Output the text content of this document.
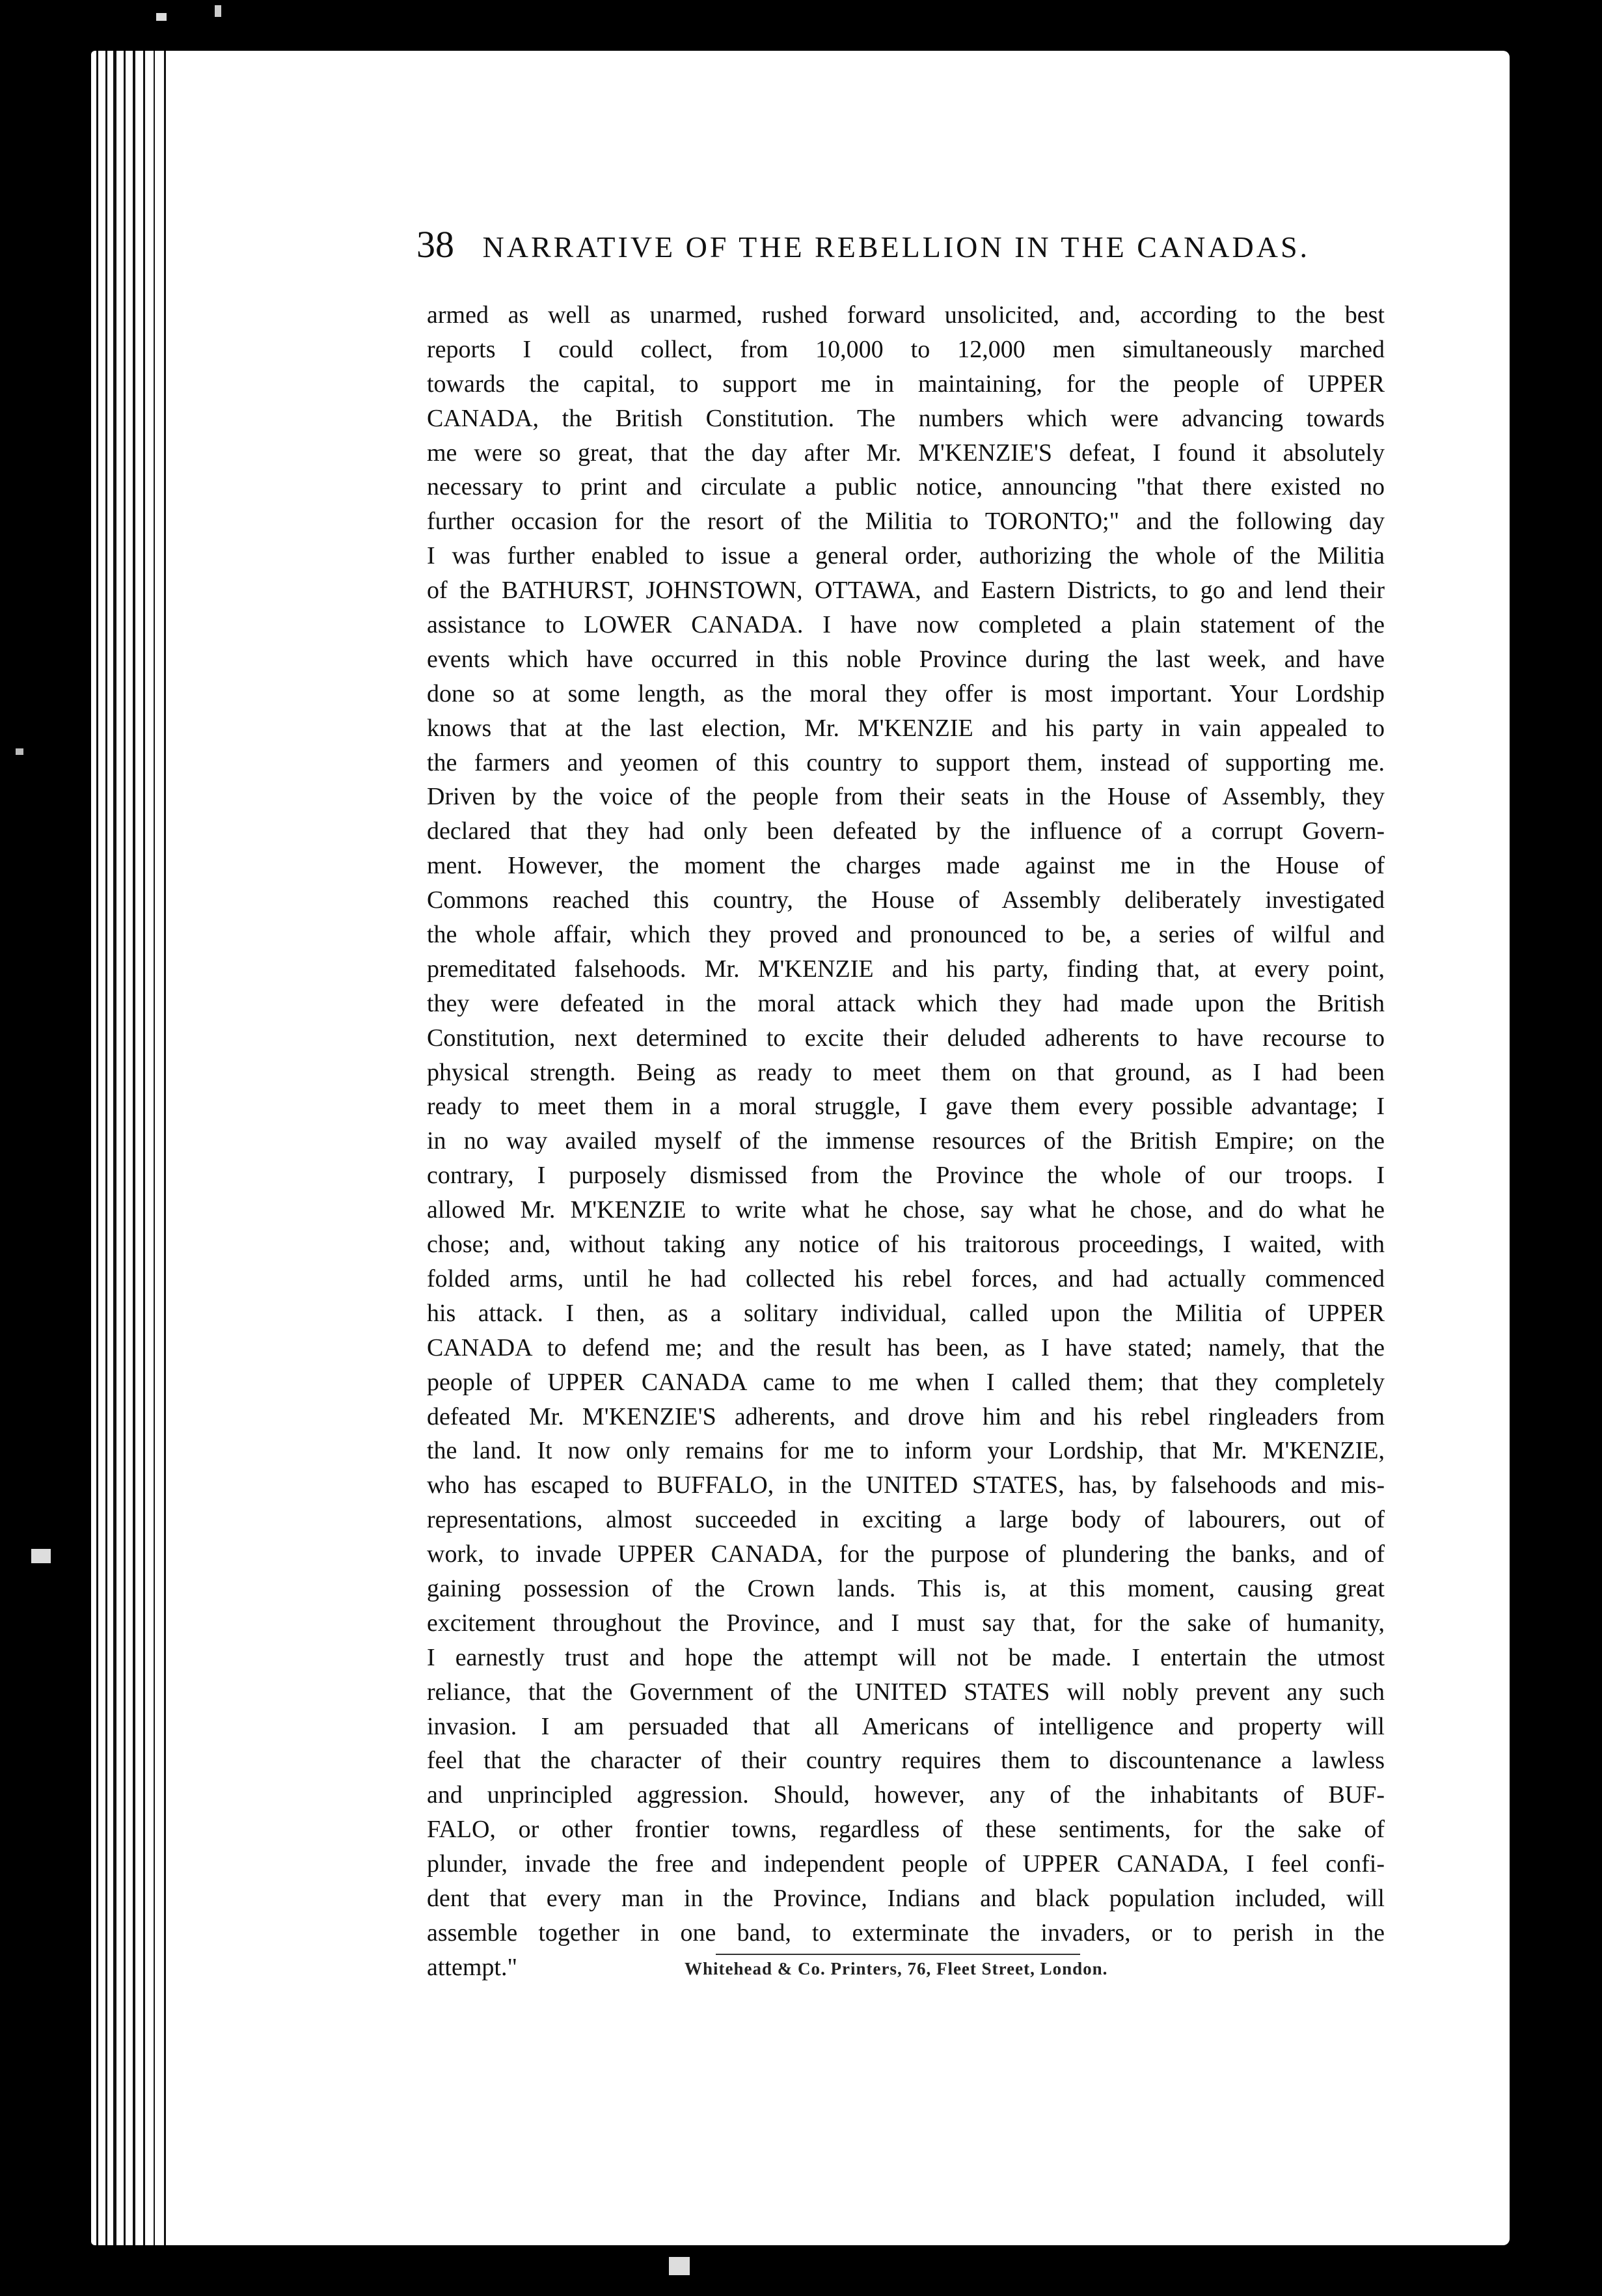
38 NARRATIVE OF THE REBELLION IN THE CANADAS.
armed as well as unarmed, rushed forward unsolicited, and, according to the best
reports I could collect, from 10,000 to 12,000 men simultaneously marched
towards the capital, to support me in maintaining, for the people of UPPER
CANADA, the British Constitution. The numbers which were advancing towards
me were so great, that the day after Mr. M'KENZIE'S defeat, I found it absolutely
necessary to print and circulate a public notice, announcing "that there existed no
further occasion for the resort of the Militia to TORONTO;" and the following day
I was further enabled to issue a general order, authorizing the whole of the Militia
of the BATHURST, JOHNSTOWN, OTTAWA, and Eastern Districts, to go and lend their
assistance to LOWER CANADA. I have now completed a plain statement of the
events which have occurred in this noble Province during the last week, and have
done so at some length, as the moral they offer is most important. Your Lordship
knows that at the last election, Mr. M'KENZIE and his party in vain appealed to
the farmers and yeomen of this country to support them, instead of supporting me.
Driven by the voice of the people from their seats in the House of Assembly, they
declared that they had only been defeated by the influence of a corrupt Govern-
ment. However, the moment the charges made against me in the House of
Commons reached this country, the House of Assembly deliberately investigated
the whole affair, which they proved and pronounced to be, a series of wilful and
premeditated falsehoods. Mr. M'KENZIE and his party, finding that, at every point,
they were defeated in the moral attack which they had made upon the British
Constitution, next determined to excite their deluded adherents to have recourse to
physical strength. Being as ready to meet them on that ground, as I had been
ready to meet them in a moral struggle, I gave them every possible advantage; I
in no way availed myself of the immense resources of the British Empire; on the
contrary, I purposely dismissed from the Province the whole of our troops. I
allowed Mr. M'KENZIE to write what he chose, say what he chose, and do what he
chose; and, without taking any notice of his traitorous proceedings, I waited, with
folded arms, until he had collected his rebel forces, and had actually commenced
his attack. I then, as a solitary individual, called upon the Militia of UPPER
CANADA to defend me; and the result has been, as I have stated; namely, that the
people of UPPER CANADA came to me when I called them; that they completely
defeated Mr. M'KENZIE'S adherents, and drove him and his rebel ringleaders from
the land. It now only remains for me to inform your Lordship, that Mr. M'KENZIE,
who has escaped to BUFFALO, in the UNITED STATES, has, by falsehoods and mis-
representations, almost succeeded in exciting a large body of labourers, out of
work, to invade UPPER CANADA, for the purpose of plundering the banks, and of
gaining possession of the Crown lands. This is, at this moment, causing great
excitement throughout the Province, and I must say that, for the sake of humanity,
I earnestly trust and hope the attempt will not be made. I entertain the utmost
reliance, that the Government of the UNITED STATES will nobly prevent any such
invasion. I am persuaded that all Americans of intelligence and property will
feel that the character of their country requires them to discountenance a lawless
and unprincipled aggression. Should, however, any of the inhabitants of BUF-
FALO, or other frontier towns, regardless of these sentiments, for the sake of
plunder, invade the free and independent people of UPPER CANADA, I feel confi-
dent that every man in the Province, Indians and black population included, will
assemble together in one band, to exterminate the invaders, or to perish in the
attempt."	Whitehead & Co. Printers, 76, Fleet Street, London.
